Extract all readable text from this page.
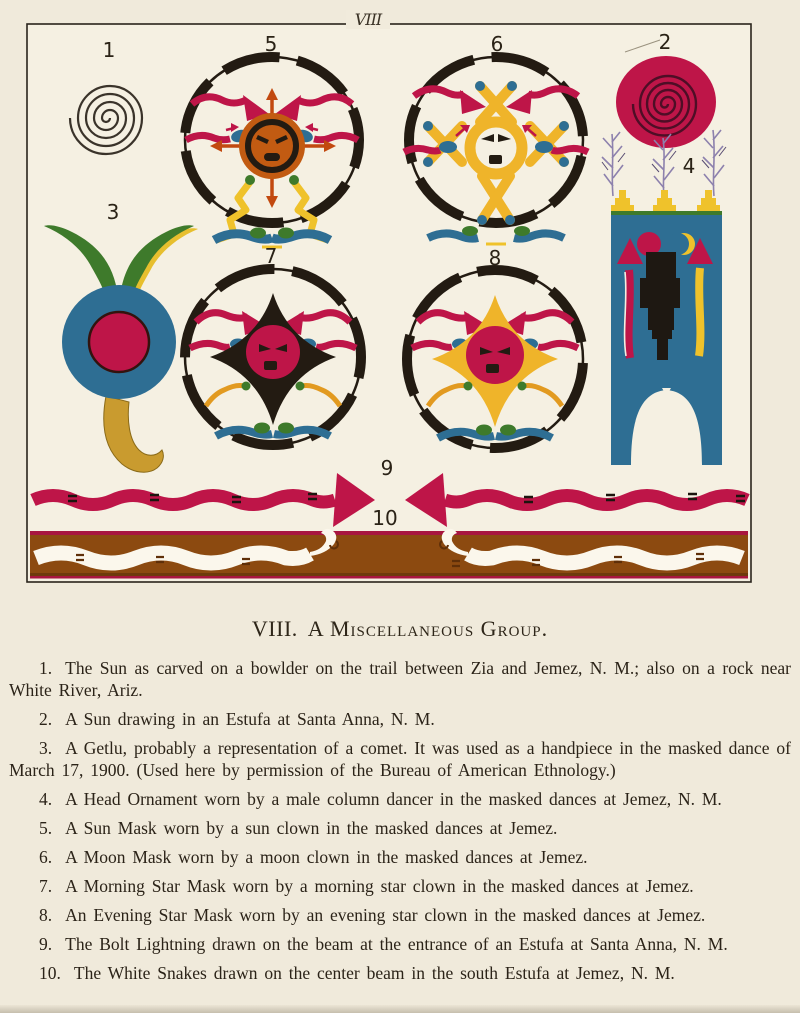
1	5	6	2
3
7	8
4
9
10
VIII
VIII. A Miscellaneous Group.

1. The Sun as carved on a bowlder on the trail between Zia and Jemez, N. M.; also on a rock near White River, Ariz.

2. A Sun drawing in an Estufa at Santa Anna, N. M.

3. A Getlu, probably a representation of a comet. It was used as a handpiece in the masked dance of March 17, 1900. (Used here by permission of the Bureau of American Ethnology.)

4. A Head Ornament worn by a male column dancer in the masked dances at Jemez, N. M.

5. A Sun Mask worn by a sun clown in the masked dances at Jemez.

6. A Moon Mask worn by a moon clown in the masked dances at Jemez.

7. A Morning Star Mask worn by a morning star clown in the masked dances at Jemez.

8. An Evening Star Mask worn by an evening star clown in the masked dances at Jemez.

9. The Bolt Lightning drawn on the beam at the entrance of an Estufa at Santa Anna, N. M.

10. The White Snakes drawn on the center beam in the south Estufa at Jemez, N. M.
